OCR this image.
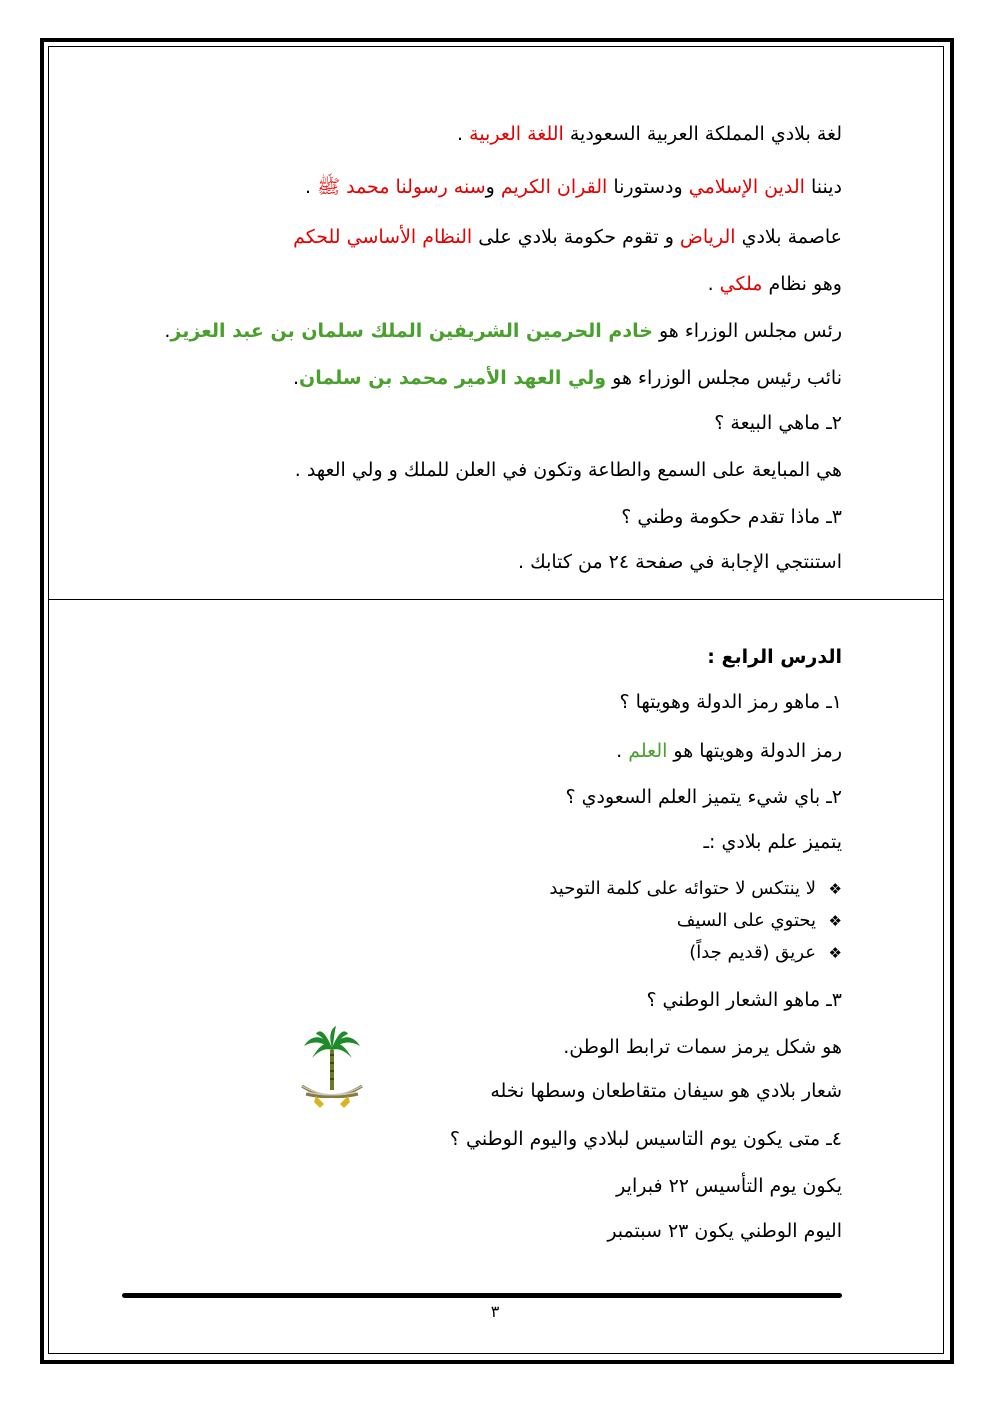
لغة بلادي المملكة العربية السعودية اللغة العربية .
ديننا الدين الإسلامي ودستورنا القران الكريم وسنه رسولنا محمد ﷺ .
عاصمة بلادي الرياض و تقوم حكومة بلادي على النظام الأساسي للحكم
وهو نظام ملكي .
رئس مجلس الوزراء هو خادم الحرمين الشريفين الملك سلمان بن عبد العزيز.
نائب رئيس مجلس الوزراء هو ولي العهد الأمير محمد بن سلمان.
٢ـ ماهي البيعة ؟
هي المبايعة على السمع والطاعة وتكون في العلن للملك و ولي العهد .
٣ـ ماذا تقدم حكومة وطني ؟
استنتجي الإجابة في صفحة ٢٤ من كتابك .
الدرس الرابع :
١ـ ماهو رمز الدولة وهويتها ؟
رمز الدولة وهويتها هو العلم .
٢ـ باي شيء يتميز العلم السعودي ؟
يتميز علم بلادي :ـ
❖لا ينتكس لا حتوائه على كلمة التوحيد
❖يحتوي على السيف
❖عريق (قديم جداً)
٣ـ ماهو الشعار الوطني ؟
هو شكل يرمز سمات ترابط الوطن.
شعار بلادي هو سيفان متقاطعان وسطها نخله
٤ـ متى يكون يوم التاسيس لبلادي واليوم الوطني ؟
يكون يوم التأسيس ٢٢ فبراير
اليوم الوطني يكون ٢٣ سبتمبر
٣
